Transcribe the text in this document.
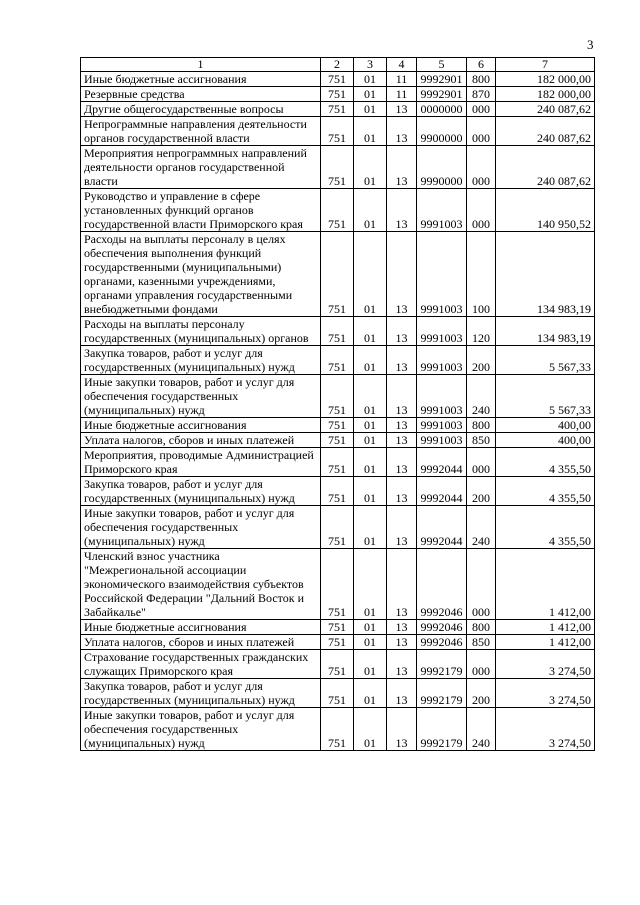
3
1	2	3	4	5	6	7
Иные бюджетные ассигнования	751	01	11	9992901	800	182 000,00
Резервные средства	751	01	11	9992901	870	182 000,00
Другие общегосударственные вопросы	751	01	13	0000000	000	240 087,62
Непрограммные направления деятельности органов государственной власти	751	01	13	9900000	000	240 087,62
Мероприятия непрограммных направлений деятельности органов государственной власти	751	01	13	9990000	000	240 087,62
Руководство и управление в сфере установленных функций органов государственной власти Приморского края	751	01	13	9991003	000	140 950,52
Расходы на выплаты персоналу в целях обеспечения выполнения функций государственными (муниципальными) органами, казенными учреждениями, органами управления государственными внебюджетными фондами	751	01	13	9991003	100	134 983,19
Расходы на выплаты персоналу государственных (муниципальных) органов	751	01	13	9991003	120	134 983,19
Закупка товаров, работ и услуг для государственных (муниципальных) нужд	751	01	13	9991003	200	5 567,33
Иные закупки товаров, работ и услуг для обеспечения государственных (муниципальных) нужд	751	01	13	9991003	240	5 567,33
Иные бюджетные ассигнования	751	01	13	9991003	800	400,00
Уплата налогов, сборов и иных платежей	751	01	13	9991003	850	400,00
Мероприятия, проводимые Администрацией Приморского края	751	01	13	9992044	000	4 355,50
Закупка товаров, работ и услуг для государственных (муниципальных) нужд	751	01	13	9992044	200	4 355,50
Иные закупки товаров, работ и услуг для обеспечения государственных (муниципальных) нужд	751	01	13	9992044	240	4 355,50
Членский взнос участника "Межрегиональной ассоциации экономического взаимодействия субъектов Российской Федерации "Дальний Восток и Забайкалье"	751	01	13	9992046	000	1 412,00
Иные бюджетные ассигнования	751	01	13	9992046	800	1 412,00
Уплата налогов, сборов и иных платежей	751	01	13	9992046	850	1 412,00
Страхование государственных гражданских служащих Приморского края	751	01	13	9992179	000	3 274,50
Закупка товаров, работ и услуг для государственных (муниципальных) нужд	751	01	13	9992179	200	3 274,50
Иные закупки товаров, работ и услуг для обеспечения государственных (муниципальных) нужд	751	01	13	9992179	240	3 274,50
